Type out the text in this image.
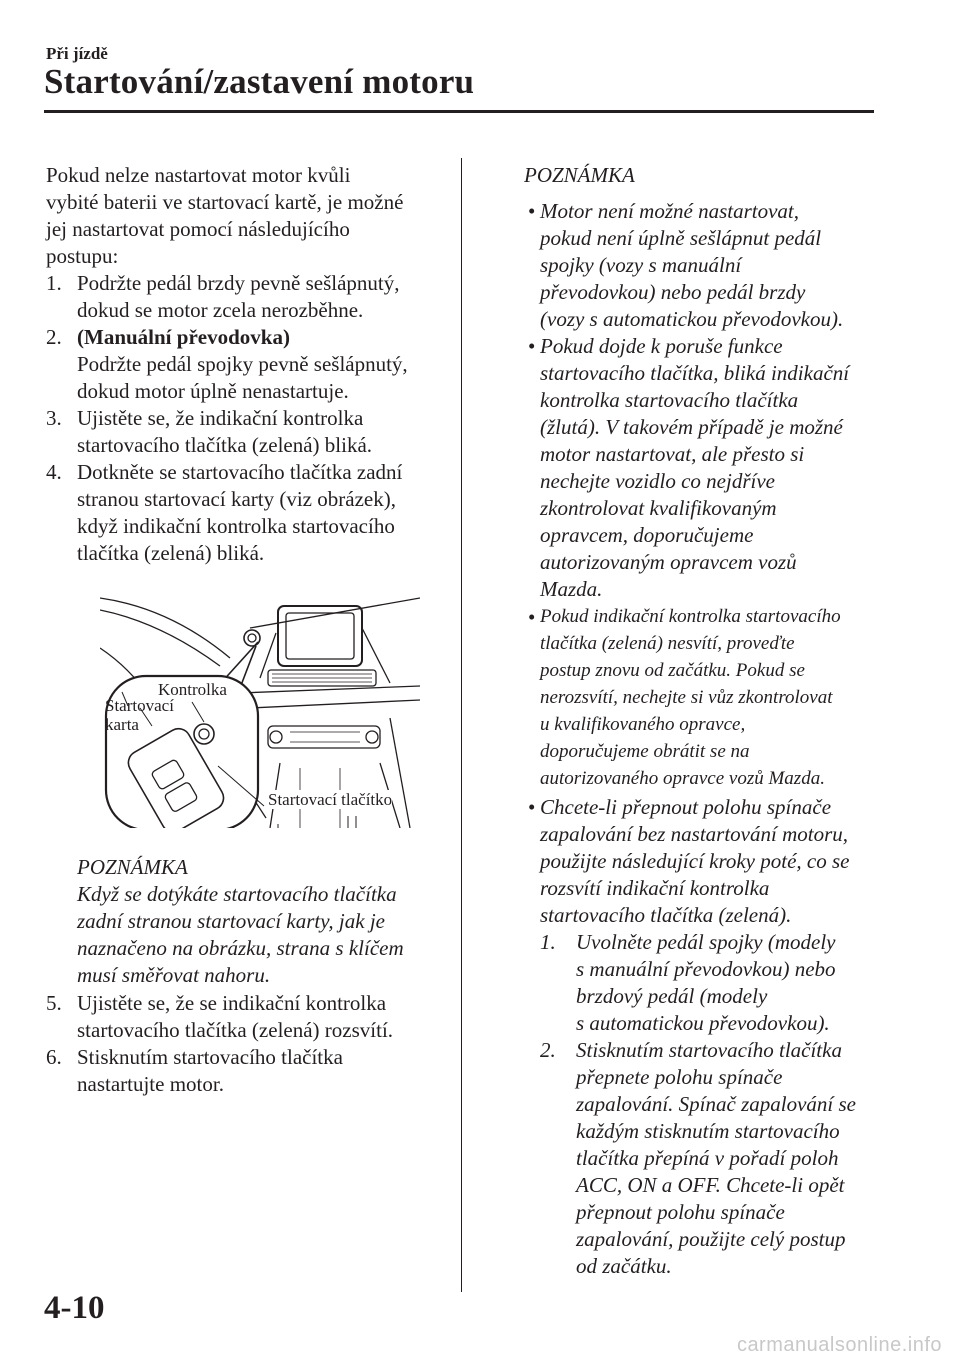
Při jízdě
Startování/zastavení motoru
Pokud nelze nastartovat motor kvůli
vybité baterii ve startovací kartě, je možné
jej nastartovat pomocí následujícího
postupu:
1. Podržte pedál brzdy pevně sešlápnutý,
dokud se motor zcela nerozběhne.
2. (Manuální převodovka)
Podržte pedál spojky pevně sešlápnutý,
dokud motor úplně nenastartuje.
3. Ujistěte se, že indikační kontrolka
startovacího tlačítka (zelená) bliká.
4. Dotkněte se startovacího tlačítka zadní
stranou startovací karty (viz obrázek),
když indikační kontrolka startovacího
tlačítka (zelená) bliká.
Kontrolka
Startovací
karta
Startovací tlačítko
POZNÁMKA
Když se dotýkáte startovacího tlačítka
zadní stranou startovací karty, jak je
naznačeno na obrázku, strana s klíčem
musí směřovat nahoru.
5. Ujistěte se, že se indikační kontrolka
startovacího tlačítka (zelená) rozsvítí.
6. Stisknutím startovacího tlačítka
nastartujte motor.
POZNÁMKA
• Motor není možné nastartovat,
pokud není úplně sešlápnut pedál
spojky (vozy s manuální
převodovkou) nebo pedál brzdy
(vozy s automatickou převodovkou).
• Pokud dojde k poruše funkce
startovacího tlačítka, bliká indikační
kontrolka startovacího tlačítka
(žlutá). V takovém případě je možné
motor nastartovat, ale přesto si
nechejte vozidlo co nejdříve
zkontrolovat kvalifikovaným
opravcem, doporučujeme
autorizovaným opravcem vozů
Mazda.
• Pokud indikační kontrolka startovacího
tlačítka (zelená) nesvítí, proveďte
postup znovu od začátku. Pokud se
nerozsvítí, nechejte si vůz zkontrolovat
u kvalifikovaného opravce,
doporučujeme obrátit se na
autorizovaného opravce vozů Mazda.
• Chcete-li přepnout polohu spínače
zapalování bez nastartování motoru,
použijte následující kroky poté, co se
rozsvítí indikační kontrolka
startovacího tlačítka (zelená).
1. Uvolněte pedál spojky (modely
s manuální převodovkou) nebo
brzdový pedál (modely
s automatickou převodovkou).
2. Stisknutím startovacího tlačítka
přepnete polohu spínače
zapalování. Spínač zapalování se
každým stisknutím startovacího
tlačítka přepíná v pořadí poloh
ACC, ON a OFF. Chcete-li opět
přepnout polohu spínače
zapalování, použijte celý postup
od začátku.
4-10
carmanualsonline.info
